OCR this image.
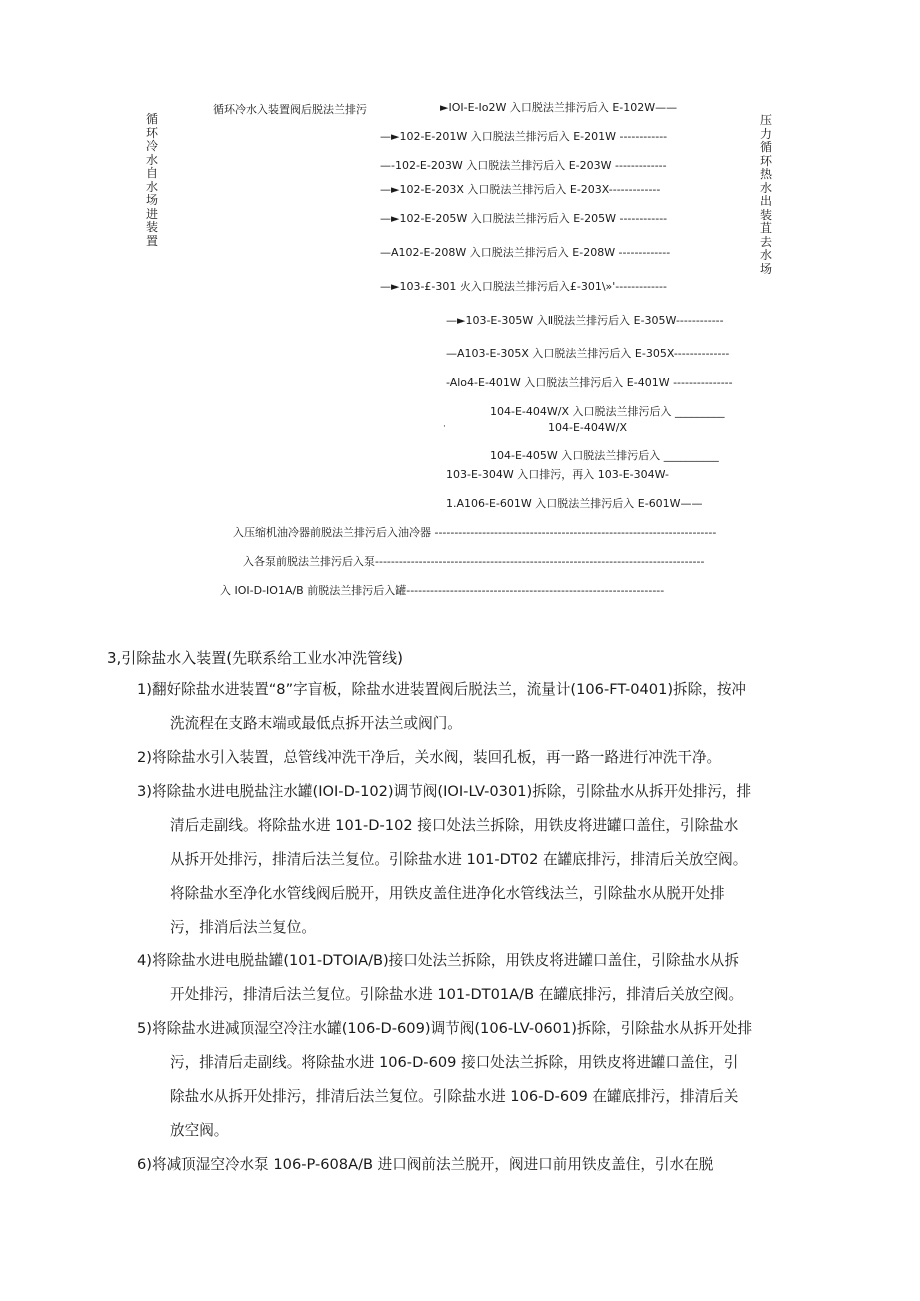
循环冷水自水场进装置
压力循环热水出装苴去水场
循环冷水入装置阀后脱法兰排污	►IOI-E-Io2W 入口脱法兰排污后入 E-102W——
—►102-E-201W 入口脱法兰排污后入 E-201W ------------
—-102-E-203W 入口脱法兰排污后入 E-203W -------------
—►102-E-203X 入口脱法兰排污后入 E-203X-------------
—►102-E-205W 入口脱法兰排污后入 E-205W ------------
—A102-E-208W 入口脱法兰排污后入 E-208W -------------
—►103-£-301 火入口脱法兰排污后入£-301\»'-------------
—►103-E-305W 入Ⅱ脱法兰排污后入 E-305W------------
—A103-E-305X 入口脱法兰排污后入 E-305X--------------
-Alo4-E-401W 入口脱法兰排污后入 E-401W ---------------
104-E-404W/X 入口脱法兰排污后入 _________
·	104-E-404W/X
104-E-405W 入口脱法兰排污后入 __________
103-E-304W 入口排污，再入 103-E-304W-
1.A106-E-601W 入口脱法兰排污后入 E-601W——
入压缩机油冷器前脱法兰排污后入油冷器 -----------------------------------------------------------------------
入各泵前脱法兰排污后入泵-----------------------------------------------------------------------------------
入 IOI-D-IO1A/B 前脱法兰排污后入罐-----------------------------------------------------------------
3,引除盐水入装置(先联系给工业水冲洗管线)
1)翻好除盐水进装置“8”字盲板，除盐水进装置阀后脱法兰，流量计(106-FT-0401)拆除，按冲
洗流程在支路末端或最低点拆开法兰或阀门。
2)将除盐水引入装置，总管线冲洗干净后，关水阀，装回孔板，再一路一路进行冲洗干净。
3)将除盐水进电脱盐注水罐(IOI-D-102)调节阀(IOI-LV-0301)拆除，引除盐水从拆开处排污，排
清后走副线。将除盐水进 101-D-102 接口处法兰拆除，用铁皮将进罐口盖住，引除盐水
从拆开处排污，排清后法兰复位。引除盐水进 101-DT02 在罐底排污，排清后关放空阀。
将除盐水至净化水管线阀后脱开，用铁皮盖住进净化水管线法兰，引除盐水从脱开处排
污，排消后法兰复位。
4)将除盐水进电脱盐罐(101-DTOIA/B)接口处法兰拆除，用铁皮将进罐口盖住，引除盐水从拆
开处排污，排清后法兰复位。引除盐水进 101-DT01A/B 在罐底排污，排清后关放空阀。
5)将除盐水进减顶湿空冷注水罐(106-D-609)调节阀(106-LV-0601)拆除，引除盐水从拆开处排
污，排清后走副线。将除盐水进 106-D-609 接口处法兰拆除，用铁皮将进罐口盖住，引
除盐水从拆开处排污，排清后法兰复位。引除盐水进 106-D-609 在罐底排污，排清后关
放空阀。
6)将减顶湿空冷水泵 106-P-608A/B 进口阀前法兰脱开，阀进口前用铁皮盖住，引水在脱
